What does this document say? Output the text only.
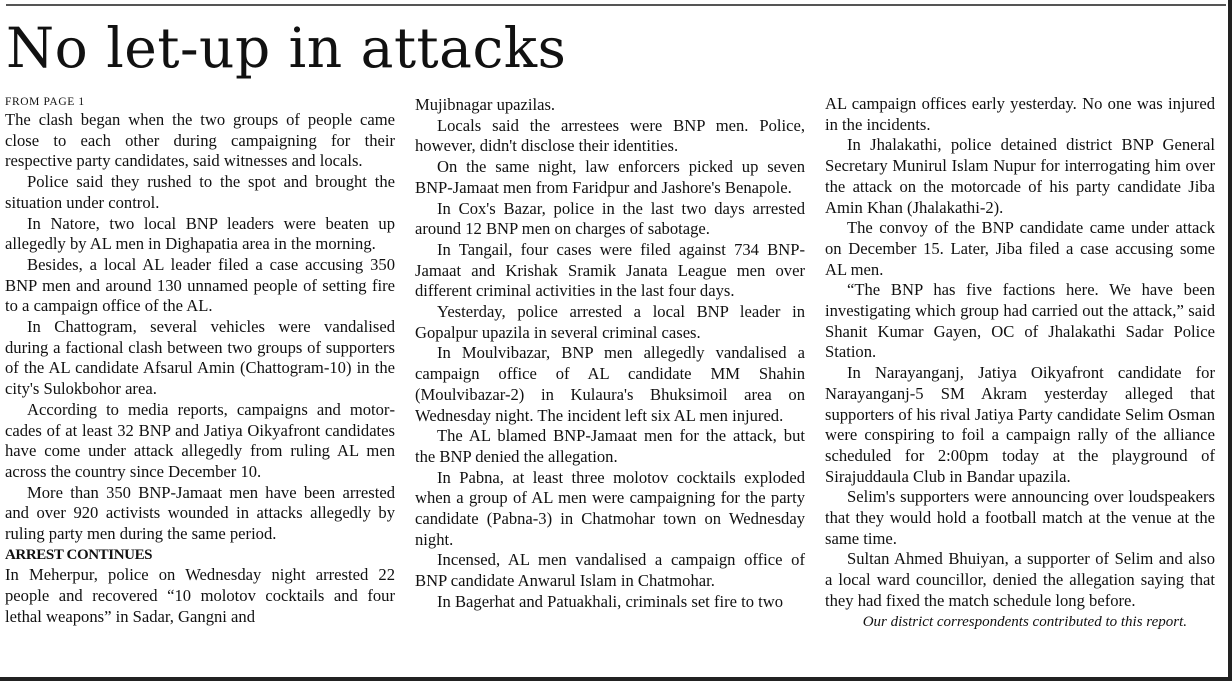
No let-up in attacks

FROM PAGE 1

The clash began when the two groups of people came close to each other during campaigning for their respective party candidates, said witnesses and locals.

Police said they rushed to the spot and brought the situation under control.

In Natore, two local BNP leaders were beaten up allegedly by AL men in Dighapatia area in the morning.

Besides, a local AL leader filed a case accusing 350 BNP men and around 130 unnamed people of setting fire to a campaign office of the AL.

In Chattogram, several vehicles were vandalised during a factional clash between two groups of supporters of the AL candidate Afsarul Amin (Chattogram-10) in the city's Sulokbohor area.

According to media reports, campaigns and motorcades of at least 32 BNP and Jatiya Oikyafront candidates have come under attack allegedly from ruling AL men across the country since December 10.

More than 350 BNP-Jamaat men have been arrested and over 920 activists wounded in attacks allegedly by ruling party men during the same period.

ARREST CONTINUES

In Meherpur, police on Wednesday night arrested 22 people and recovered “10 molotov cocktails and four lethal weapons” in Sadar, Gangni and

Mujibnagar upazilas.

Locals said the arrestees were BNP men. Police, however, didn't disclose their identities.

On the same night, law enforcers picked up seven BNP-Jamaat men from Faridpur and Jashore's Benapole.

In Cox's Bazar, police in the last two days arrested around 12 BNP men on charges of sabotage.

In Tangail, four cases were filed against 734 BNP-Jamaat and Krishak Sramik Janata League men over different criminal activities in the last four days.

Yesterday, police arrested a local BNP leader in Gopalpur upazila in several criminal cases.

In Moulvibazar, BNP men allegedly vandalised a campaign office of AL candidate MM Shahin (Moulvibazar-2) in Kulaura's Bhuksimoil area on Wednesday night. The incident left six AL men injured.

The AL blamed BNP-Jamaat men for the attack, but the BNP denied the allegation.

In Pabna, at least three molotov cocktails exploded when a group of AL men were campaigning for the party candidate (Pabna-3) in Chatmohar town on Wednesday night.

Incensed, AL men vandalised a campaign office of BNP candidate Anwarul Islam in Chatmohar.

In Bagerhat and Patuakhali, criminals set fire to two

AL campaign offices early yesterday. No one was injured in the incidents.

In Jhalakathi, police detained district BNP General Secretary Munirul Islam Nupur for interrogating him over the attack on the motorcade of his party candidate Jiba Amin Khan (Jhalakathi-2).

The convoy of the BNP candidate came under attack on December 15. Later, Jiba filed a case accusing some AL men.

“The BNP has five factions here. We have been investigating which group had carried out the attack,” said Shanit Kumar Gayen, OC of Jhalakathi Sadar Police Station.

In Narayanganj, Jatiya Oikyafront candidate for Narayanganj-5 SM Akram yesterday alleged that supporters of his rival Jatiya Party candidate Selim Osman were conspiring to foil a campaign rally of the alliance scheduled for 2:00pm today at the playground of Sirajuddaula Club in Bandar upazila.

Selim's supporters were announcing over loudspeakers that they would hold a football match at the venue at the same time.

Sultan Ahmed Bhuiyan, a supporter of Selim and also a local ward councillor, denied the allegation saying that they had fixed the match schedule long before.

Our district correspondents contributed to this report.
